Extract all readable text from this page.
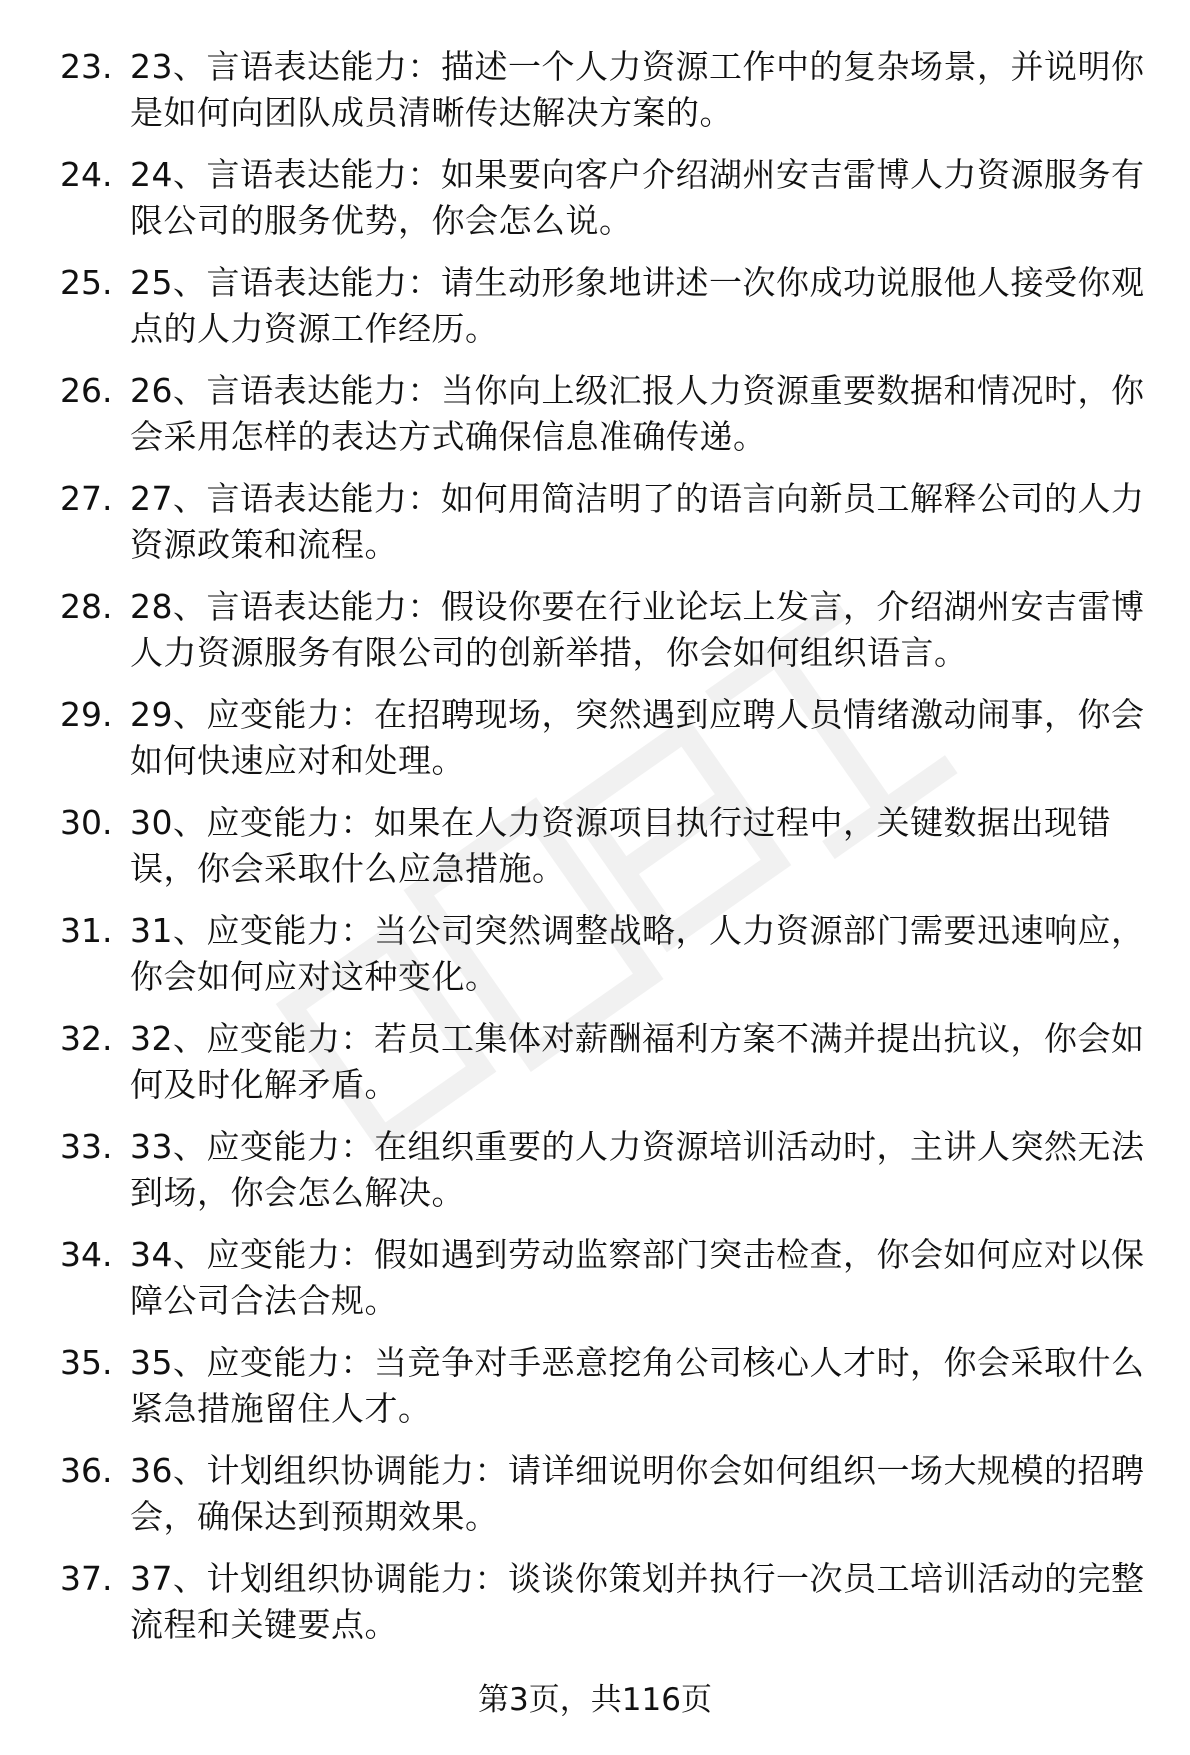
23. 23、言语表达能力：描述一个人力资源工作中的复杂场景，并说明你是如何向团队成员清晰传达解决方案的。
24. 24、言语表达能力：如果要向客户介绍湖州安吉雷博人力资源服务有限公司的服务优势，你会怎么说。
25. 25、言语表达能力：请生动形象地讲述一次你成功说服他人接受你观点的人力资源工作经历。
26. 26、言语表达能力：当你向上级汇报人力资源重要数据和情况时，你会采用怎样的表达方式确保信息准确传递。
27. 27、言语表达能力：如何用简洁明了的语言向新员工解释公司的人力资源政策和流程。
28. 28、言语表达能力：假设你要在行业论坛上发言，介绍湖州安吉雷博人力资源服务有限公司的创新举措，你会如何组织语言。
29. 29、应变能力：在招聘现场，突然遇到应聘人员情绪激动闹事，你会如何快速应对和处理。
30. 30、应变能力：如果在人力资源项目执行过程中，关键数据出现错误，你会采取什么应急措施。
31. 31、应变能力：当公司突然调整战略，人力资源部门需要迅速响应，你会如何应对这种变化。
32. 32、应变能力：若员工集体对薪酬福利方案不满并提出抗议，你会如何及时化解矛盾。
33. 33、应变能力：在组织重要的人力资源培训活动时，主讲人突然无法到场，你会怎么解决。
34. 34、应变能力：假如遇到劳动监察部门突击检查，你会如何应对以保障公司合法合规。
35. 35、应变能力：当竞争对手恶意挖角公司核心人才时，你会采取什么紧急措施留住人才。
36. 36、计划组织协调能力：请详细说明你会如何组织一场大规模的招聘会，确保达到预期效果。
37. 37、计划组织协调能力：谈谈你策划并执行一次员工培训活动的完整流程和关键要点。
第3页，共116页
